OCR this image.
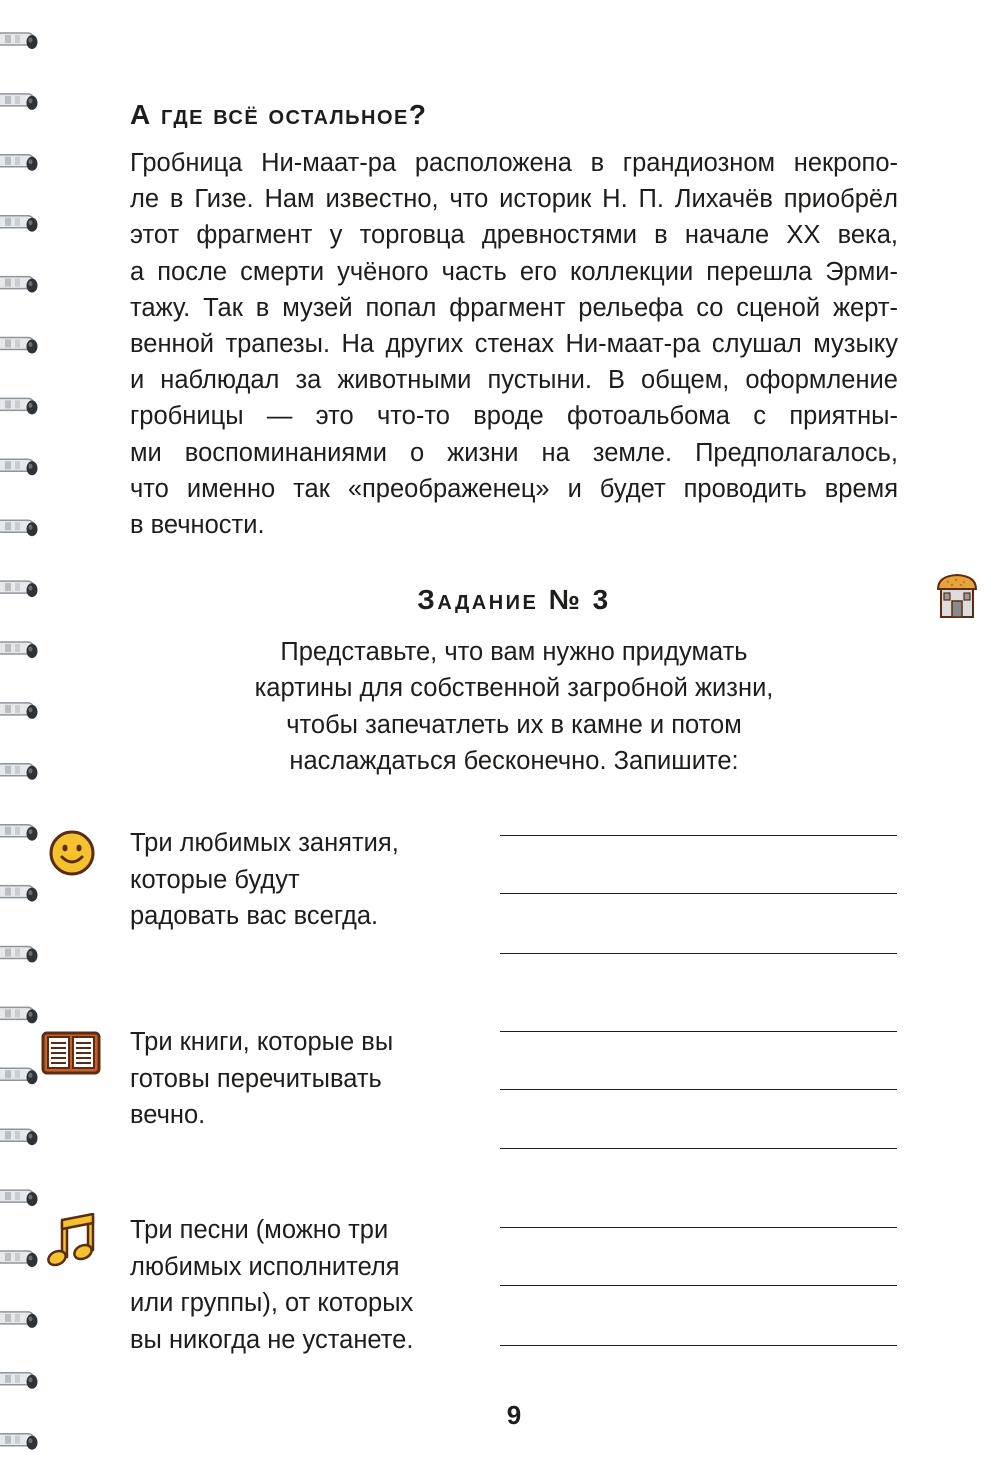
А где всё остальное?
Гробница Ни-маат-ра расположена в грандиозном некропо-
ле в Гизе. Нам известно, что историк Н. П. Лихачёв приобрёл
этот фрагмент у торговца древностями в начале XX века,
а после смерти учёного часть его коллекции перешла Эрми-
тажу. Так в музей попал фрагмент рельефа со сценой жерт-
венной трапезы. На других стенах Ни-маат-ра слушал музыку
и наблюдал за животными пустыни. В общем, оформление
гробницы — это что-то вроде фотоальбома с приятны-
ми воспоминаниями о жизни на земле. Предполагалось,
что именно так «преображенец» и будет проводить время
в вечности.
Задание № 3
Представьте, что вам нужно придумать
картины для собственной загробной жизни,
чтобы запечатлеть их в камне и потом
наслаждаться бесконечно. Запишите:
Три любимых занятия,
которые будут
радовать вас всегда.
Три книги, которые вы
готовы перечитывать
вечно.
Три песни (можно три
любимых исполнителя
или группы), от которых
вы никогда не устанете.
9
